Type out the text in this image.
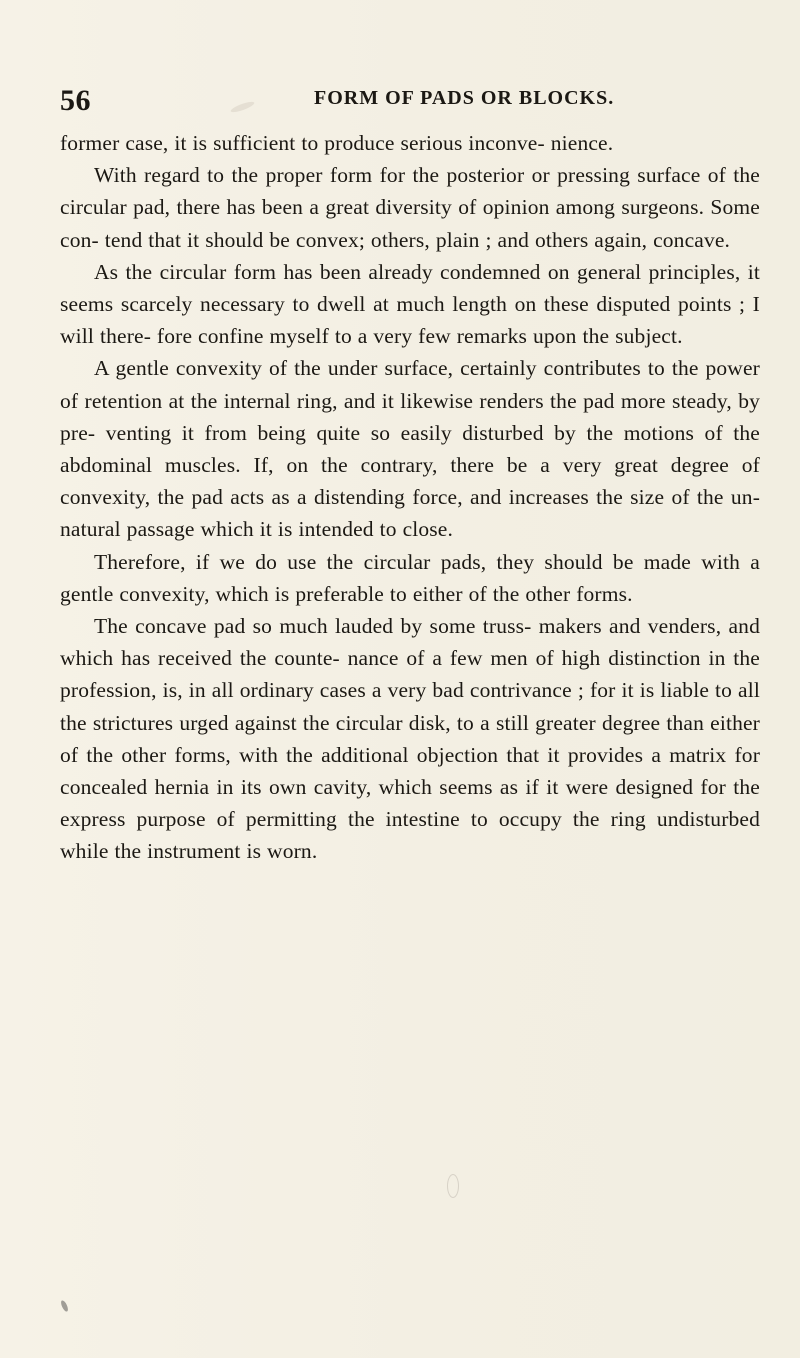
56	FORM OF PADS OR BLOCKS.

former case, it is sufficient to produce serious inconve- nience.

With regard to the proper form for the posterior or pressing surface of the circular pad, there has been a great diversity of opinion among surgeons. Some con- tend that it should be convex; others, plain ; and others again, concave.

As the circular form has been already condemned on general principles, it seems scarcely necessary to dwell at much length on these disputed points ; I will there- fore confine myself to a very few remarks upon the subject.

A gentle convexity of the under surface, certainly contributes to the power of retention at the internal ring, and it likewise renders the pad more steady, by pre- venting it from being quite so easily disturbed by the motions of the abdominal muscles. If, on the contrary, there be a very great degree of convexity, the pad acts as a distending force, and increases the size of the un- natural passage which it is intended to close.

Therefore, if we do use the circular pads, they should be made with a gentle convexity, which is preferable to either of the other forms.

The concave pad so much lauded by some truss- makers and venders, and which has received the counte- nance of a few men of high distinction in the profession, is, in all ordinary cases a very bad contrivance ; for it is liable to all the strictures urged against the circular disk, to a still greater degree than either of the other forms, with the additional objection that it provides a matrix for concealed hernia in its own cavity, which seems as if it were designed for the express purpose of permitting the intestine to occupy the ring undisturbed while the instrument is worn.
